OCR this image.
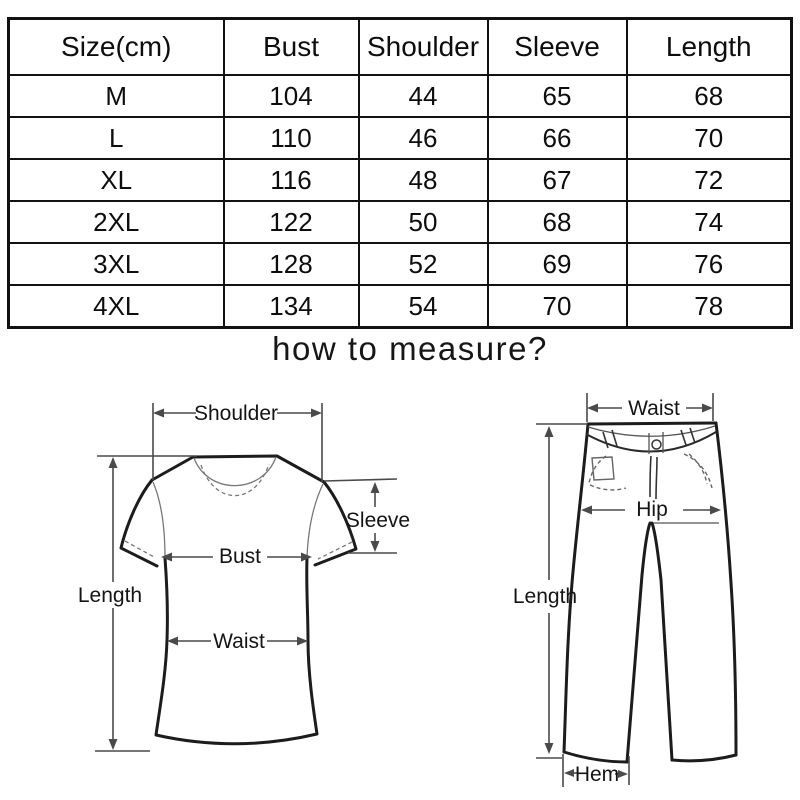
Size(cm)	Bust	Shoulder	Sleeve	Length
M	104	44	65	68
L	110	46	66	70
XL	116	48	67	72
2XL	122	50	68	74
3XL	128	52	69	76
4XL	134	54	70	78
how to measure?
Shoulder
Length
Sleeve
Bust
Waist
Waist
Hip
Length
Hem
